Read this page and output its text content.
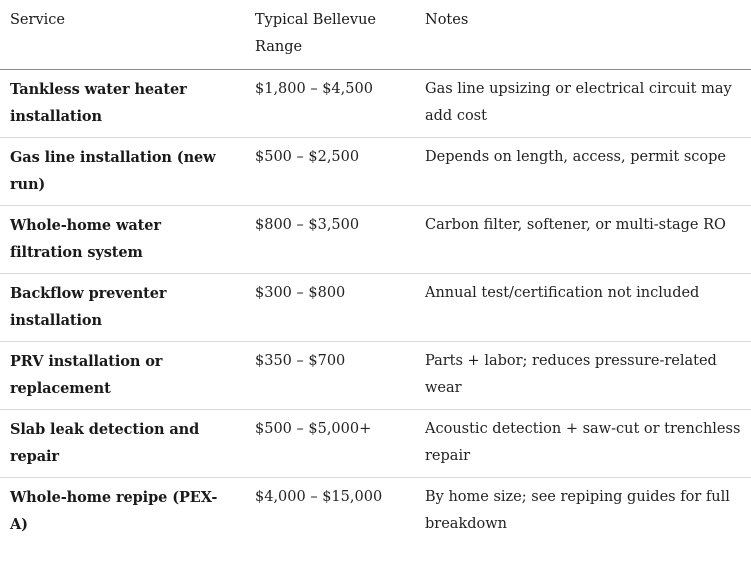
Service	Typical Bellevue Range	Notes
Tankless water heater installation	$1,800 – $4,500	Gas line upsizing or electrical circuit may add cost
Gas line installation (new run)	$500 – $2,500	Depends on length, access, permit scope
Whole-home water filtration system	$800 – $3,500	Carbon filter, softener, or multi-stage RO
Backflow preventer installation	$300 – $800	Annual test/certification not included
PRV installation or replacement	$350 – $700	Parts + labor; reduces pressure-related wear
Slab leak detection and repair	$500 – $5,000+	Acoustic detection + saw-cut or trenchless repair
Whole-home repipe (PEX-A)	$4,000 – $15,000	By home size; see repiping guides for full breakdown
